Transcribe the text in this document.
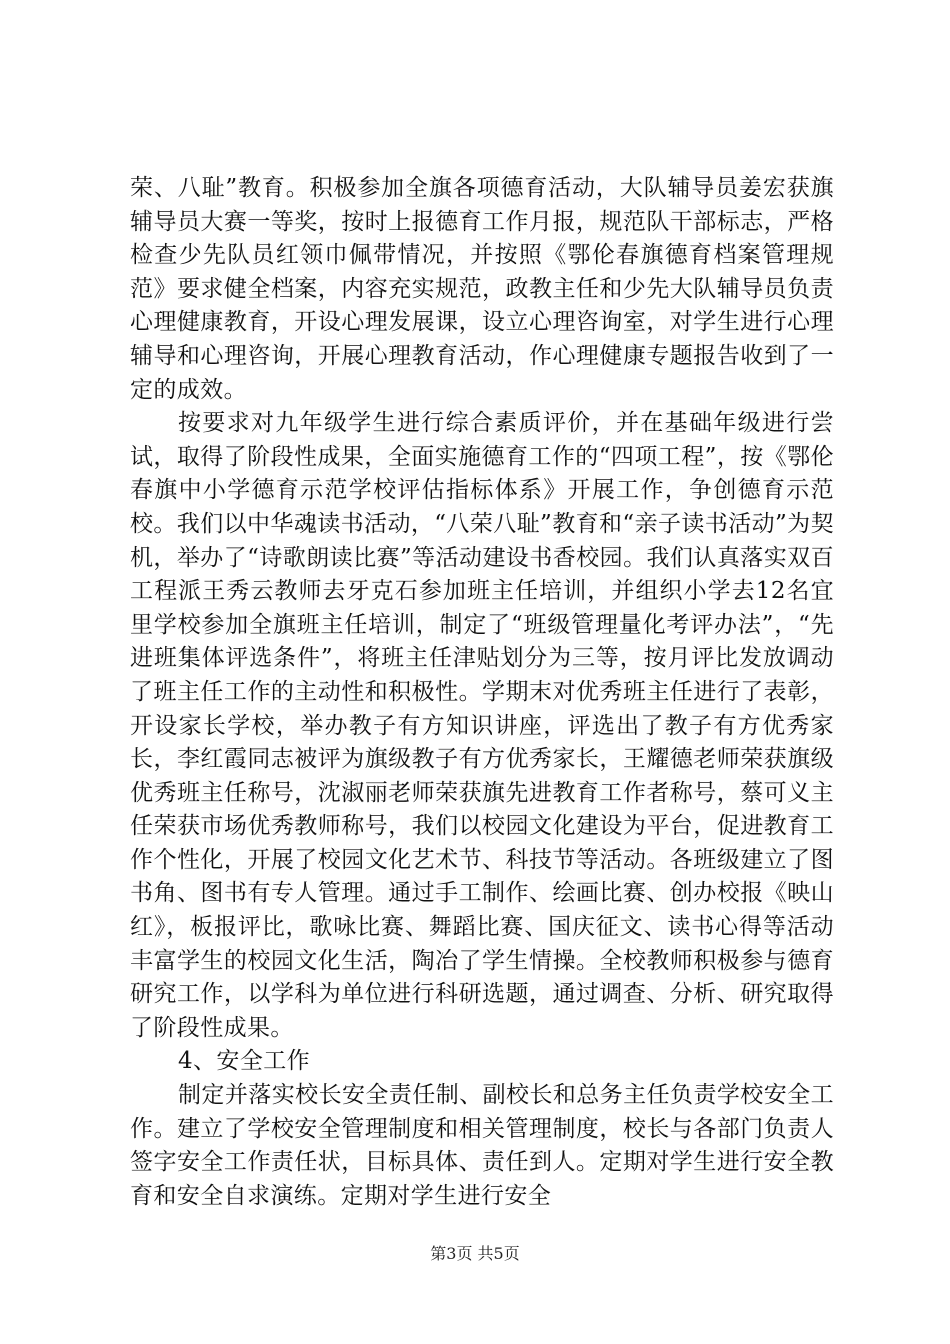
荣、八耻”教育。积极参加全旗各项德育活动，大队辅导员姜宏获旗辅导员大赛一等奖，按时上报德育工作月报，规范队干部标志，严格检查少先队员红领巾佩带情况，并按照《鄂伦春旗德育档案管理规范》要求健全档案，内容充实规范，政教主任和少先大队辅导员负责心理健康教育，开设心理发展课，设立心理咨询室，对学生进行心理辅导和心理咨询，开展心理教育活动，作心理健康专题报告收到了一定的成效。

按要求对九年级学生进行综合素质评价，并在基础年级进行尝试，取得了阶段性成果，全面实施德育工作的“四项工程”，按《鄂伦春旗中小学德育示范学校评估指标体系》开展工作，争创德育示范校。我们以中华魂读书活动，“八荣八耻”教育和“亲子读书活动”为契机，举办了“诗歌朗读比赛”等活动建设书香校园。我们认真落实双百工程派王秀云教师去牙克石参加班主任培训，并组织小学去12名宜里学校参加全旗班主任培训，制定了“班级管理量化考评办法”，“先进班集体评选条件”，将班主任津贴划分为三等，按月评比发放调动了班主任工作的主动性和积极性。学期末对优秀班主任进行了表彰，开设家长学校，举办教子有方知识讲座，评选出了教子有方优秀家长，李红霞同志被评为旗级教子有方优秀家长，王耀德老师荣获旗级优秀班主任称号，沈淑丽老师荣获旗先进教育工作者称号，蔡可义主任荣获市场优秀教师称号，我们以校园文化建设为平台，促进教育工作个性化，开展了校园文化艺术节、科技节等活动。各班级建立了图书角、图书有专人管理。通过手工制作、绘画比赛、创办校报《映山红》，板报评比，歌咏比赛、舞蹈比赛、国庆征文、读书心得等活动丰富学生的校园文化生活，陶冶了学生情操。全校教师积极参与德育研究工作，以学科为单位进行科研选题，通过调查、分析、研究取得了阶段性成果。

4、安全工作

制定并落实校长安全责任制、副校长和总务主任负责学校安全工作。建立了学校安全管理制度和相关管理制度，校长与各部门负责人签字安全工作责任状，目标具体、责任到人。定期对学生进行安全教育和安全自求演练。定期对学生进行安全

第3页 共5页
